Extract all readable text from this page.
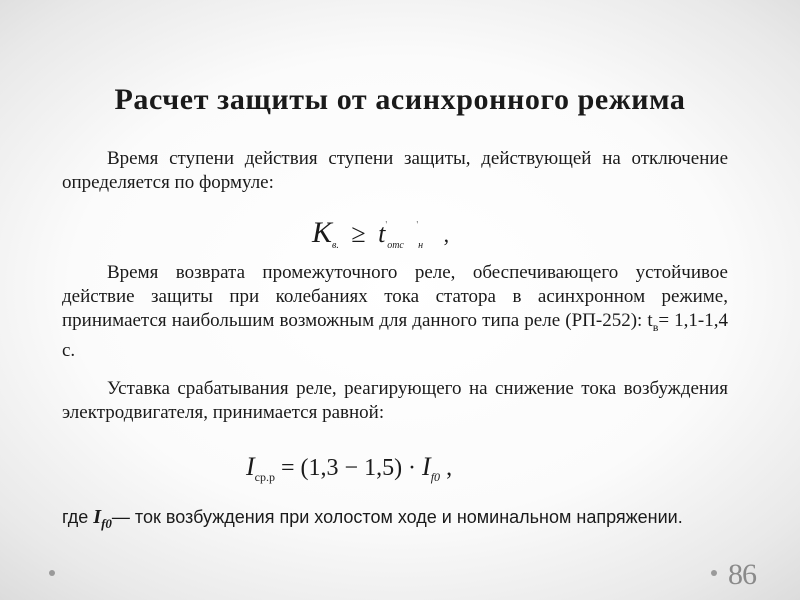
Расчет защиты от асинхронного режима

Время ступени действия ступени защиты, действующей на отключение определяется по формуле:

$K_{в.} \ge t'_{отс}$ '$_н$ ,

Время возврата промежуточного реле, обеспечивающего устойчивое действие защиты при колебаниях тока статора в асинхронном режиме, принимается наибольшим возможным для данного типа реле (РП-252): $t_в= 1,1-1,4$ с.

Уставка срабатывания реле, реагирующего на снижение тока возбуждения электродвигателя, принимается равной:

$I_{ср.р} = (1,3 - 1,5) \cdot I_{f0}$ ,

где $I_{f0}—$ ток возбуждения при холостом ходе и номинальном напряжении.

86
